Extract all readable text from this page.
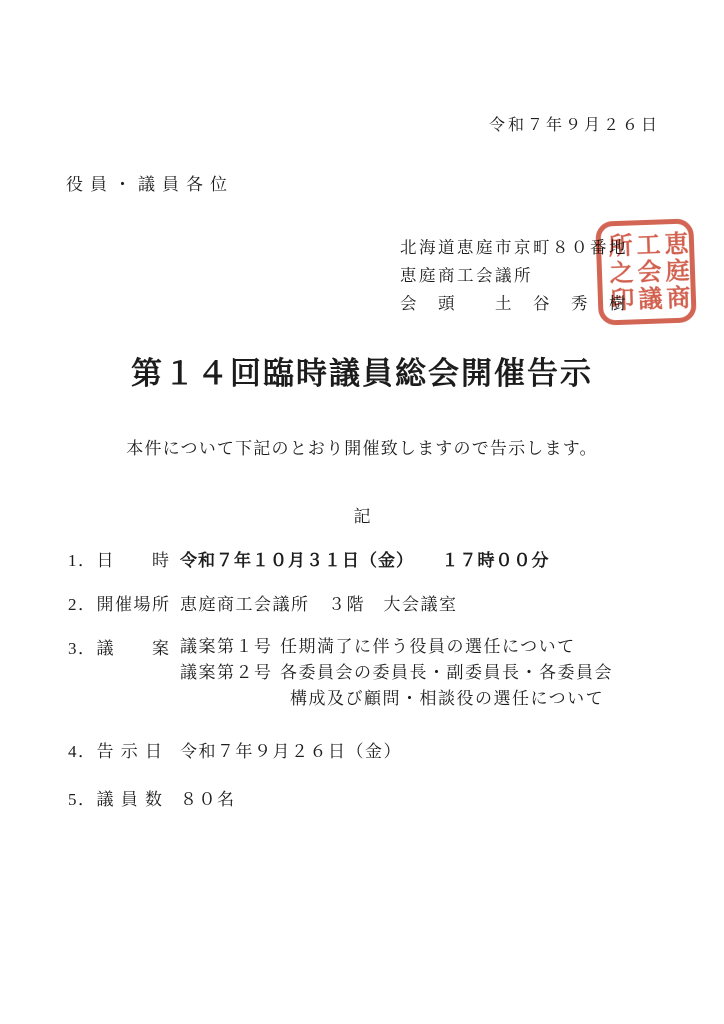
令和７年９月２６日
役員・議員各位
北海道恵庭市京町８０番地
恵庭商工会議所
会　頭　　土　谷　秀　樹	恵庭商
工会議
所之印
第１４回臨時議員総会開催告示

本件について下記のとおり開催致しますので告示します。

記
1．日　　時 令和７年１０月３１日（金）　　１７時００分
2．開催場所 恵庭商工会議所　３階　大会議室
3．議　　案 議案第１号 任期満了に伴う役員の選任について
議案第２号 各委員会の委員長・副委員長・各委員会
構成及び顧問・相談役の選任について
4．告 示 日 令和７年９月２６日（金）
5．議 員 数 ８０名
